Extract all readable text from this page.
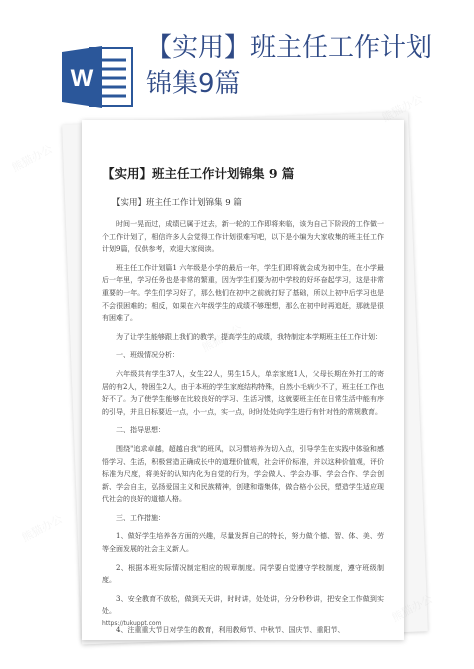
W
【实用】班主任工作计划锦集9篇
【实用】班主任工作计划锦集 9 篇
【实用】班主任工作计划锦集 9 篇

时间一晃而过，成绩已属于过去，新一轮的工作即将来临，该为自己下阶段的工作做一个工作计划了，相信许多人会觉得工作计划很难写吧，以下是小编为大家收集的班主任工作计划9篇，仅供参考，欢迎大家阅读。

班主任工作计划篇1 六年级是小学的最后一年，学生们即将就会成为初中生，在小学最后一年里，学习任务也是非常的繁重，因为学生们要为初中学校的好坏奋起学习，这是非常重要的一年。学生们学习好了，那么他们在初中之前就打好了基础，所以上初中后学习也是不会很困难的；相反，如果在六年级学生的成绩不够理想，那么在初中时再追赶，那就是很有困难了。

为了让学生能够跟上我们的教学，提高学生的成绩，我特制定本学期班主任工作计划：

一、班级情况分析：

六年级共有学生37人，女生22人，男生15人，单亲家庭1人，父母长期在外打工的寄居的有2人，特困生2人，由于本班的学生家庭结构特殊，自然小毛病少不了，班主任工作也好不了。为了使学生能够在比较良好的学习、生活习惯，这就要班主任在日常生活中能有序的引导，并且日标要近一点，小一点，实一点，时时处处向学生进行有针对性的常规教育。

二、指导思想：

围绕"追求卓越，超越自我"的班风，以习惯培养为切入点，引导学生在实践中体验和感悟学习、生活，积极营造正确成长中的道理价值观，社会评价标准，并以这种价值观，评价标准为尺度，将美好的认知内化为自觉的行为，学会做人、学会办事、学会合作、学会创新、学会自主，弘扬爱国主义和民族精神，创建和谐集体，做合格小公民，塑造学生适应现代社会的良好的道德人格。

三、工作措施：

1、做好学生培养各方面的兴趣，尽量发挥自己的特长，努力做个德、智、体、美、劳等全面发展的社会主义新人。

2、根据本班实际情况制定相应的规章制度。同学要自觉遵守学校制度，遵守班级制度。

3、安全教育不放松，做到天天讲，时时讲，处处讲，分分秒秒讲，把安全工作做到实处。

4、注重重大节日对学生的教育，利用教师节、中秋节、国庆节、重阳节、

https://tukuppt.com
熊猫办公
熊猫办公
